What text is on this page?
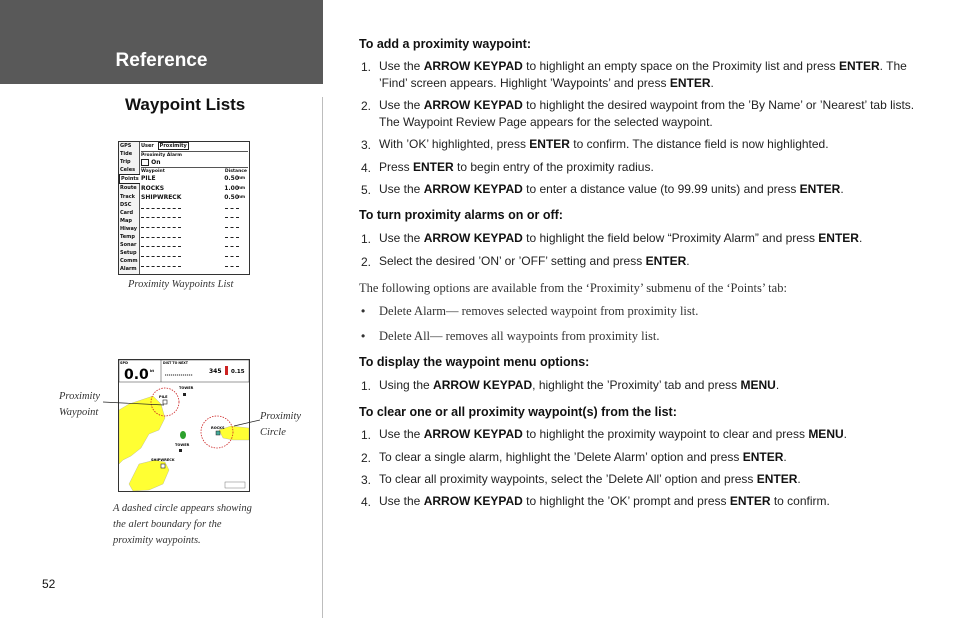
Reference
Waypoint Lists
GPS
Tide
Trip
Celes
Points
Route
Track
DSC
Card
Map
Hiway
Temp
Sonar
Setup
Comm
Alarm
User Proximity
Proximity Alarm
On
Waypoint	Distance
PILE	0.50
nm
ROCKS	1.00
nm
SHIPWRECK	0.50
nm
Proximity Waypoints List
SPD
0.0 kt
DIST TO NEXT
345 0.15
TOWER
PILE
ROCKS
TOWER
SHIPWRECK
Proximity
Waypoint	Proximity
Circle
A dashed circle appears showing
the alert boundary for the
proximity waypoints.
52
To add a proximity waypoint:
1. Use the ARROW KEYPAD to highlight an empty space on the Proximity list and press ENTER. The
’Find’ screen appears. Highlight ’Waypoints’ and press ENTER.
2. Use the ARROW KEYPAD to highlight the desired waypoint from the ’By Name’ or ’Nearest’ tab lists.
The Waypoint Review Page appears for the selected waypoint.
3. With ’OK’ highlighted, press ENTER to confirm. The distance field is now highlighted.
4. Press ENTER to begin entry of the proximity radius.
5. Use the ARROW KEYPAD to enter a distance value (to 99.99 units) and press ENTER.
To turn proximity alarms on or off:
1. Use the ARROW KEYPAD to highlight the field below “Proximity Alarm” and press ENTER.
2. Select the desired ’ON’ or ’OFF’ setting and press ENTER.
The following options are available from the ‘Proximity’ submenu of the ‘Points’ tab:
• Delete Alarm— removes selected waypoint from proximity list.
• Delete All— removes all waypoints from proximity list.
To display the waypoint menu options:
1. Using the ARROW KEYPAD, highlight the ’Proximity’ tab and press MENU.
To clear one or all proximity waypoint(s) from the list:
1. Use the ARROW KEYPAD to highlight the proximity waypoint to clear and press MENU.
2. To clear a single alarm, highlight the ’Delete Alarm’ option and press ENTER.
3. To clear all proximity waypoints, select the ’Delete All’ option and press ENTER.
4. Use the ARROW KEYPAD to highlight the ’OK’ prompt and press ENTER to confirm.
